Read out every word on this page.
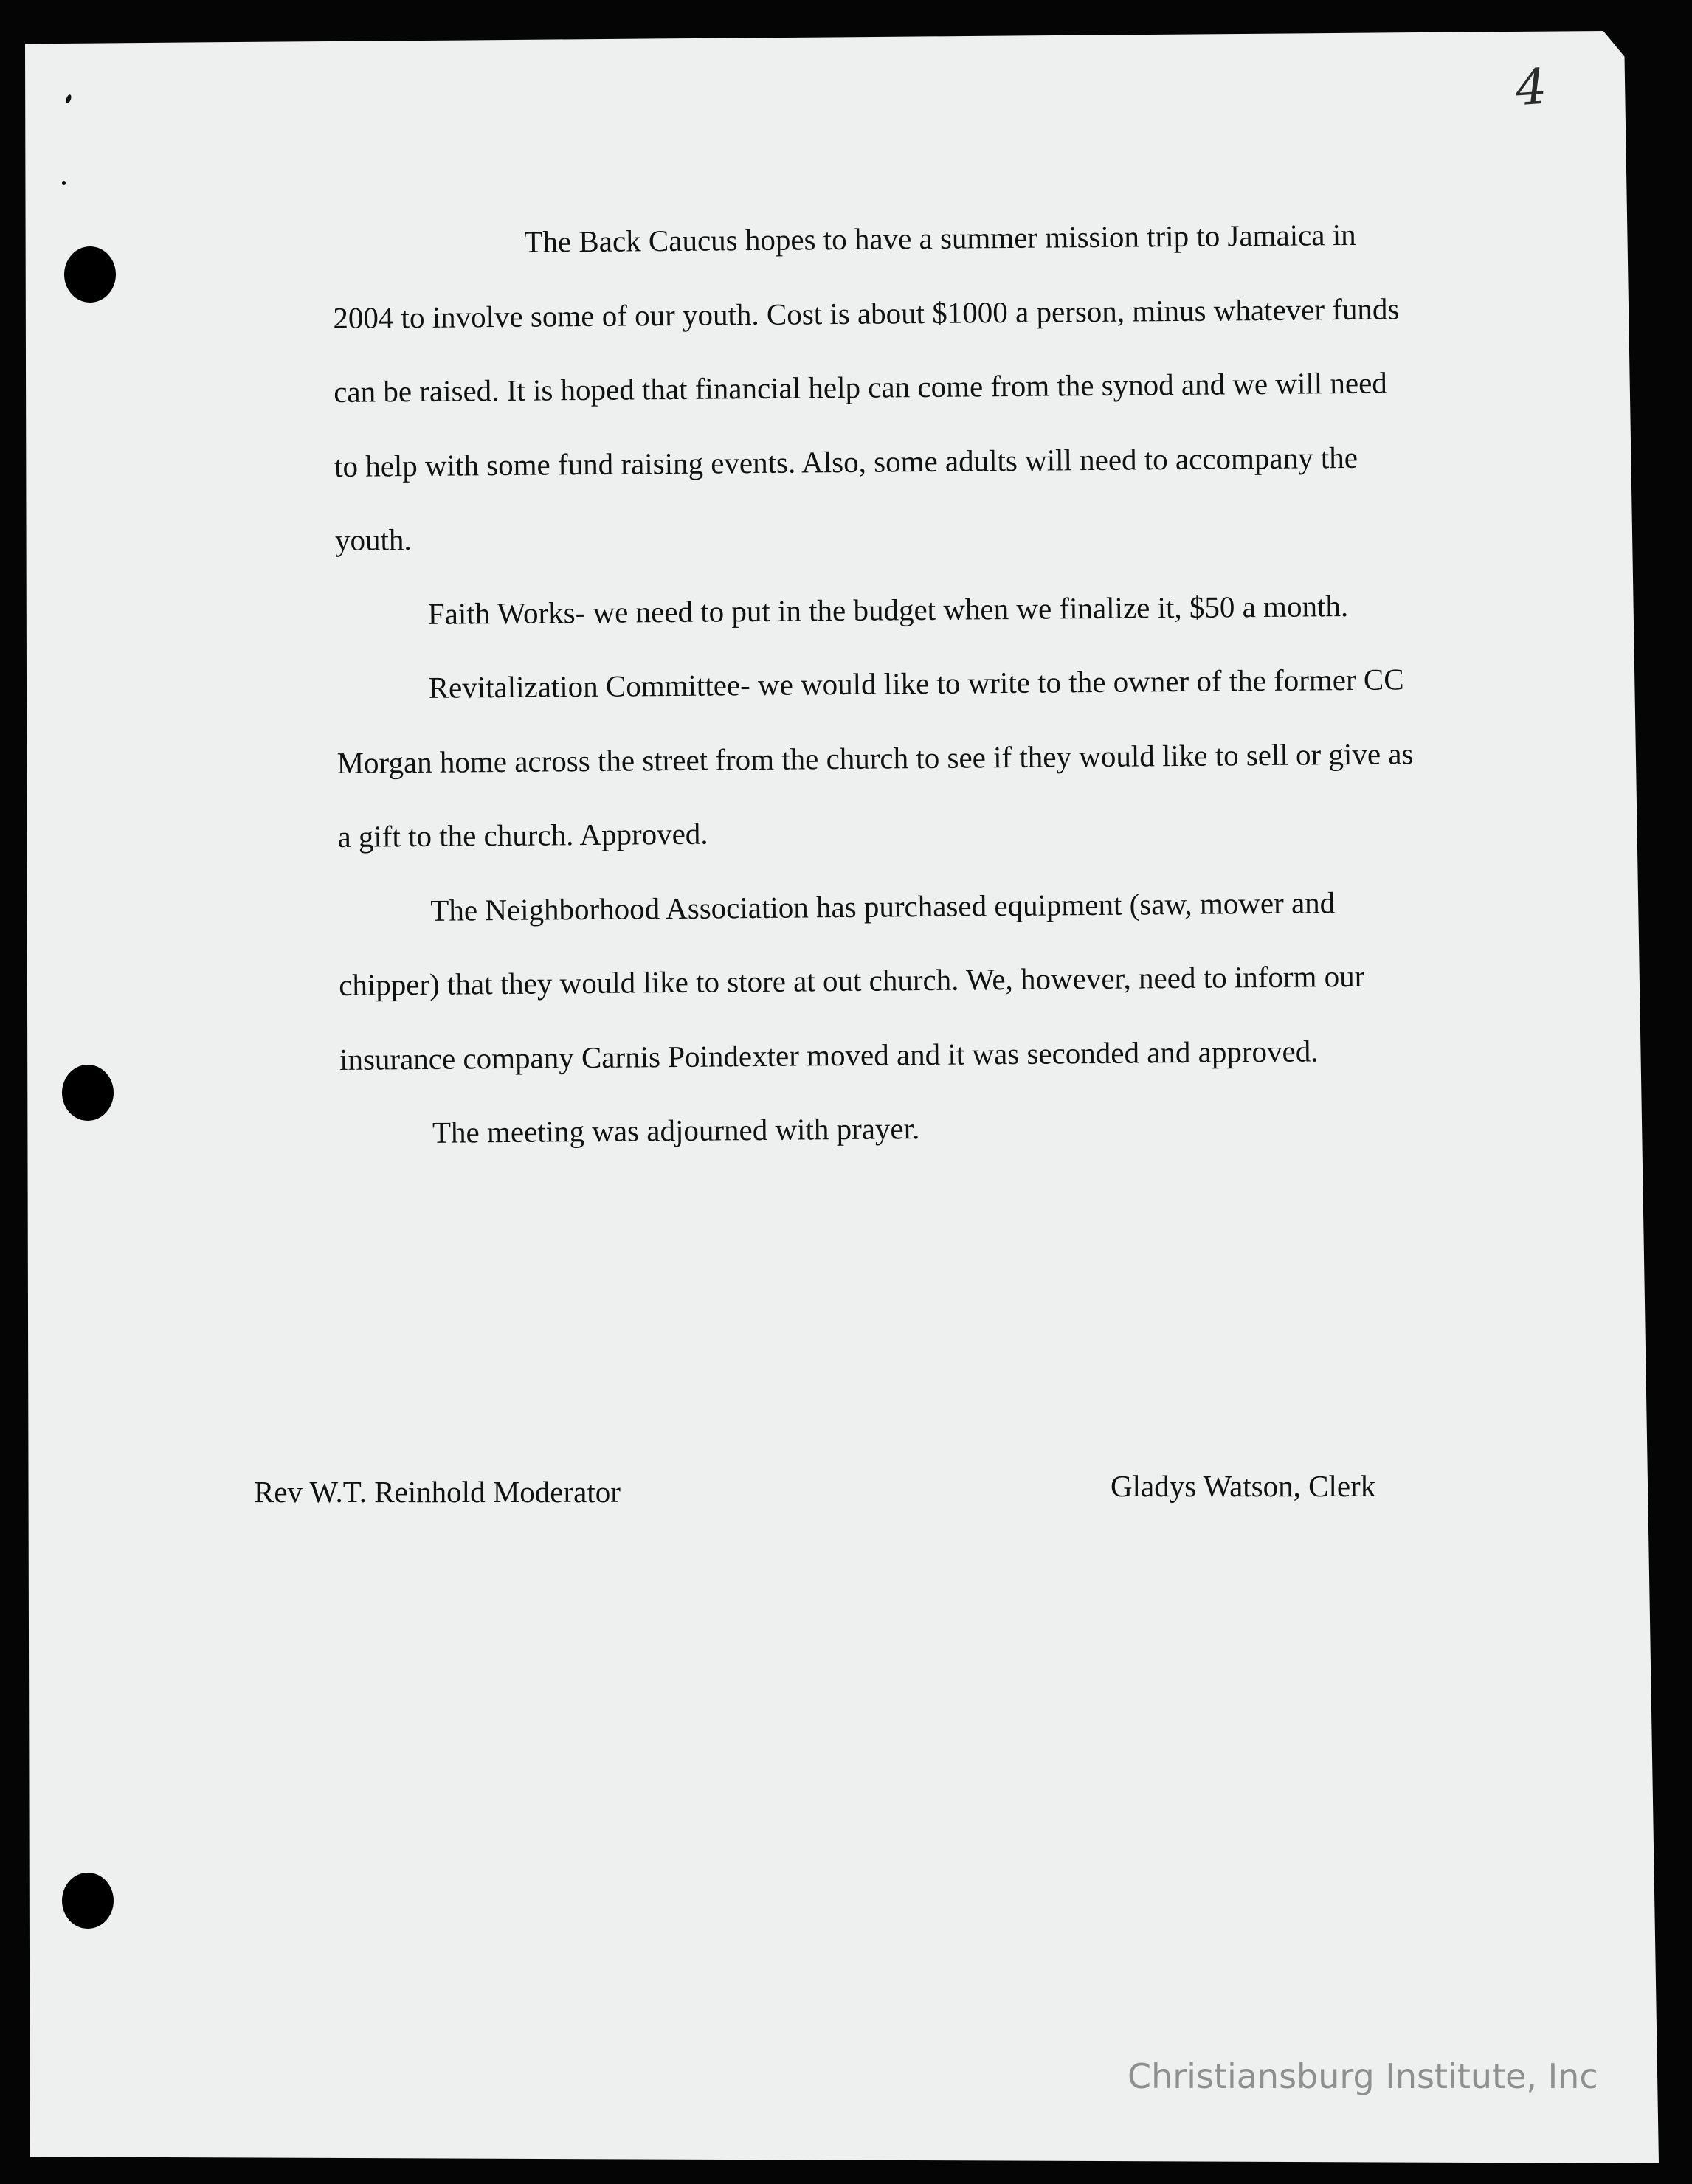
4

The Back Caucus hopes to have a summer mission trip to Jamaica in 2004 to involve some of our youth. Cost is about $1000 a person, minus whatever funds can be raised. It is hoped that financial help can come from the synod and we will need to help with some fund raising events. Also, some adults will need to accompany the youth.

Faith Works- we need to put in the budget when we finalize it, $50 a month.

Revitalization Committee- we would like to write to the owner of the former CC Morgan home across the street from the church to see if they would like to sell or give as a gift to the church. Approved.

The Neighborhood Association has purchased equipment (saw, mower and chipper) that they would like to store at out church. We, however, need to inform our insurance company Carnis Poindexter moved and it was seconded and approved.

The meeting was adjourned with prayer.

Rev W.T. Reinhold Moderator	Gladys Watson, Clerk
Christiansburg Institute, Inc
